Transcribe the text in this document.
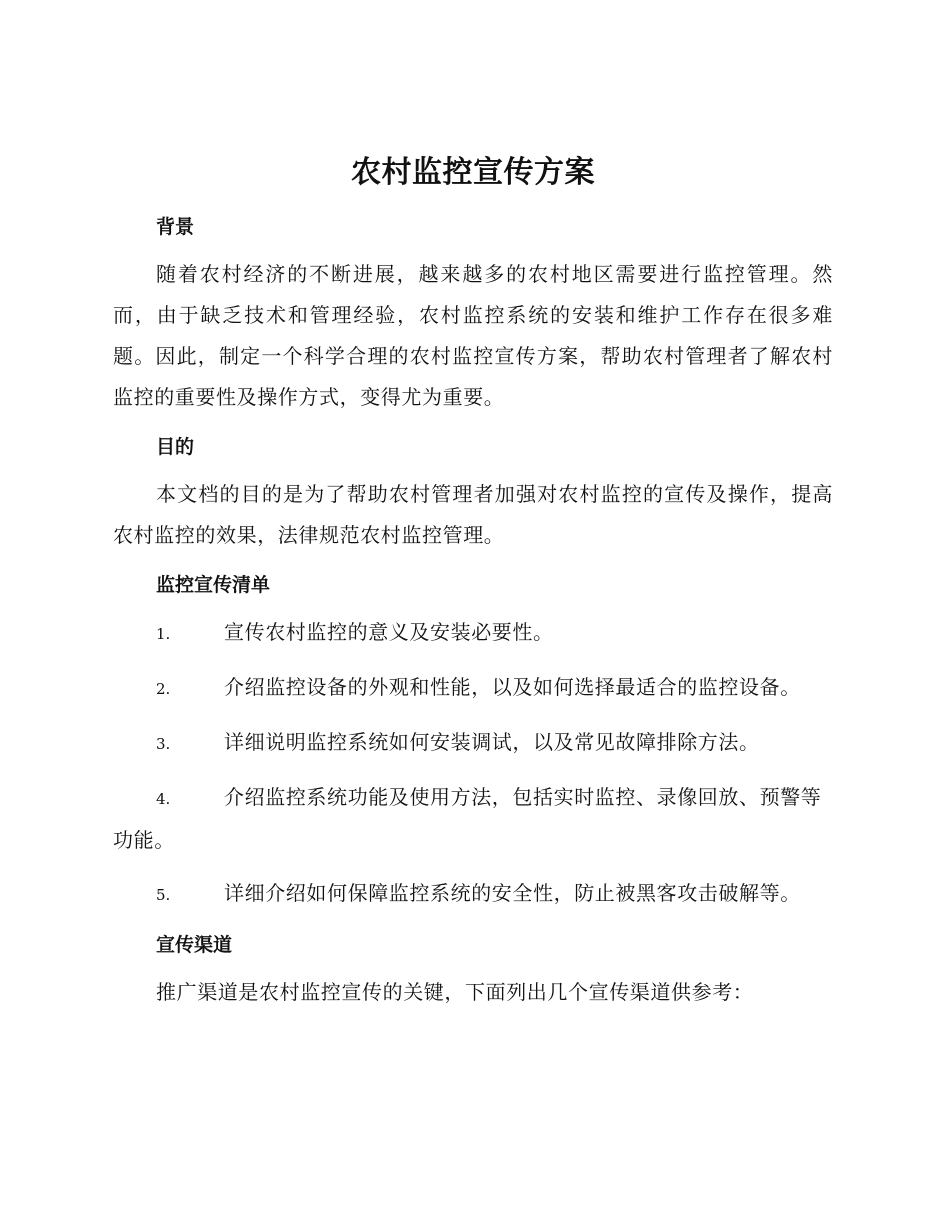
农村监控宣传方案
背景

随着农村经济的不断进展，越来越多的农村地区需要进行监控管理。然而，由于缺乏技术和管理经验，农村监控系统的安装和维护工作存在很多难题。因此，制定一个科学合理的农村监控宣传方案，帮助农村管理者了解农村监控的重要性及操作方式，变得尤为重要。

目的

本文档的目的是为了帮助农村管理者加强对农村监控的宣传及操作，提高农村监控的效果，法律规范农村监控管理。

监控宣传清单
1.	宣传农村监控的意义及安装必要性。
2.	介绍监控设备的外观和性能，以及如何选择最适合的监控设备。
3.	详细说明监控系统如何安装调试，以及常见故障排除方法。
4.	介绍监控系统功能及使用方法，包括实时监控、录像回放、预警等功能。
5.	详细介绍如何保障监控系统的安全性，防止被黑客攻击破解等。
宣传渠道

推广渠道是农村监控宣传的关键，下面列出几个宣传渠道供参考：
